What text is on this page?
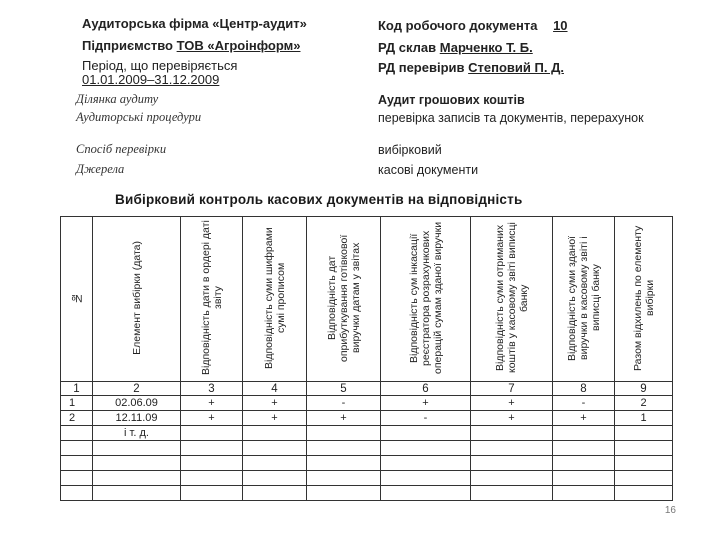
Аудиторська фірма «Центр-аудит»
Підприємство ТОВ «Агроінформ»
Період, що перевіряється
01.01.2009–31.12.2009
Код робочого документа 10
РД склав Марченко Т. Б.
РД перевірив Степовий П. Д.
Ділянка аудиту	Аудит грошових коштів
Аудиторські процедури	перевірка записів та документів, перерахунок
Спосіб перевірки	вибірковий
Джерела	касові документи
Вибірковий контроль касових документів на відповідність
№	Елемент вибірки (дата)	Відповідність дати в ордері даті звіту	Відповідність суми шифрами сумі прописом	Відповідність дат оприбуткування готівкової виручки датам у звітах	Відповідність сум інкасації реєстратора розрахункових операцій сумам зданої виручки	Відповідність суми отриманих коштів у касовому звіті виписці банку	Відповідність суми зданої виручки в касовому звіті і виписці банку	Разом відхилень по елементу вибірки
1	2	3	4	5	6	7	8	9
1	02.06.09	+	+	-	+	+	-	2
2	12.11.09	+	+	+	-	+	+	1
	і т. д.							

16
